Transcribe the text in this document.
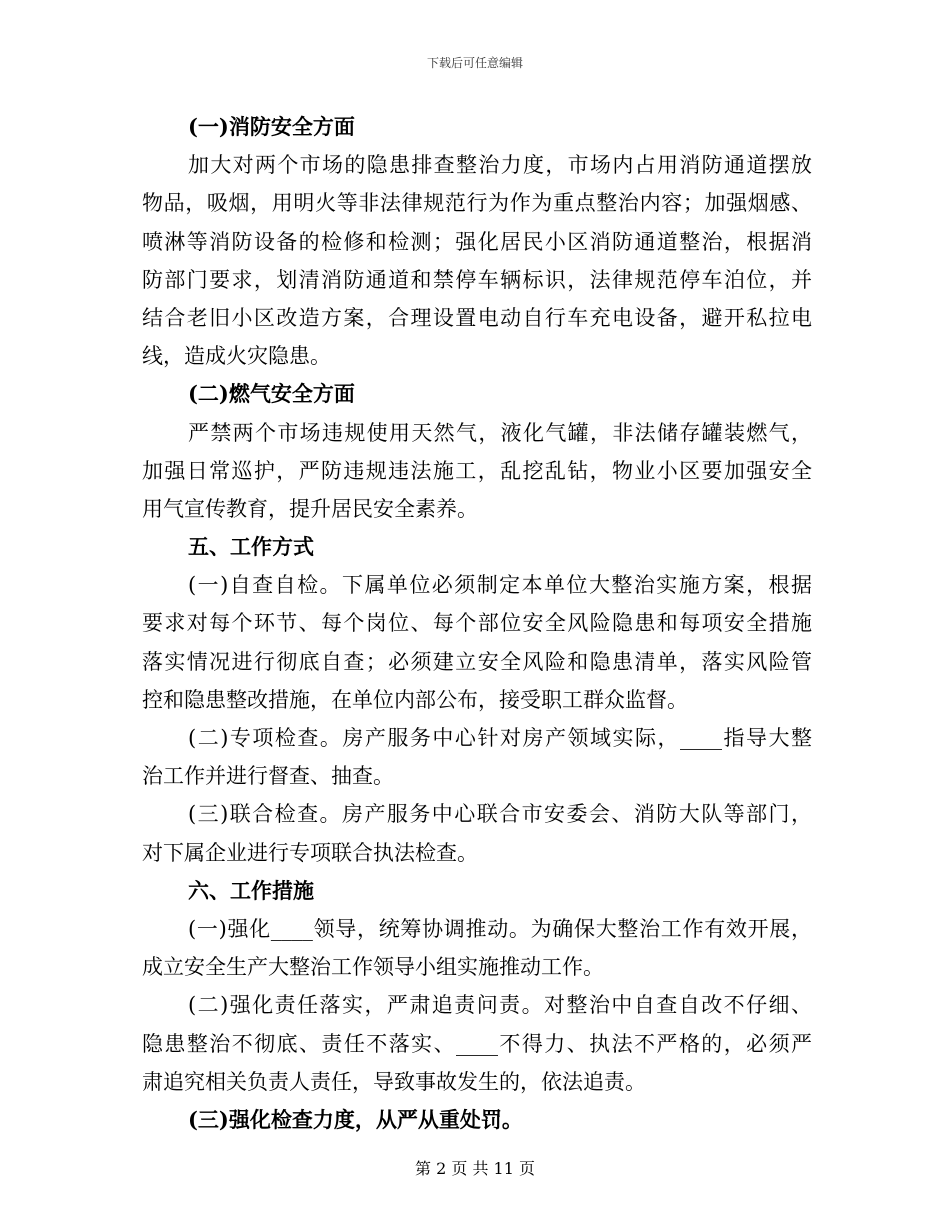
下载后可任意编辑
(一)消防安全方面
加大对两个市场的隐患排查整治力度，市场内占用消防通道摆放
物品，吸烟，用明火等非法律规范行为作为重点整治内容；加强烟感、
喷淋等消防设备的检修和检测；强化居民小区消防通道整治，根据消
防部门要求，划清消防通道和禁停车辆标识，法律规范停车泊位，并
结合老旧小区改造方案，合理设置电动自行车充电设备，避开私拉电
线，造成火灾隐患。
(二)燃气安全方面
严禁两个市场违规使用天然气，液化气罐，非法储存罐装燃气，
加强日常巡护，严防违规违法施工，乱挖乱钻，物业小区要加强安全
用气宣传教育，提升居民安全素养。
五、工作方式
(一)自查自检。下属单位必须制定本单位大整治实施方案，根据
要求对每个环节、每个岗位、每个部位安全风险隐患和每项安全措施
落实情况进行彻底自查；必须建立安全风险和隐患清单，落实风险管
控和隐患整改措施，在单位内部公布，接受职工群众监督。
(二)专项检查。房产服务中心针对房产领域实际，____指导大整
治工作并进行督查、抽查。
(三)联合检查。房产服务中心联合市安委会、消防大队等部门，
对下属企业进行专项联合执法检查。
六、工作措施
(一)强化____领导，统筹协调推动。为确保大整治工作有效开展，
成立安全生产大整治工作领导小组实施推动工作。
(二)强化责任落实，严肃追责问责。对整治中自查自改不仔细、
隐患整治不彻底、责任不落实、____不得力、执法不严格的，必须严
肃追究相关负责人责任，导致事故发生的，依法追责。
(三)强化检查力度，从严从重处罚。
第 2 页 共 11 页
